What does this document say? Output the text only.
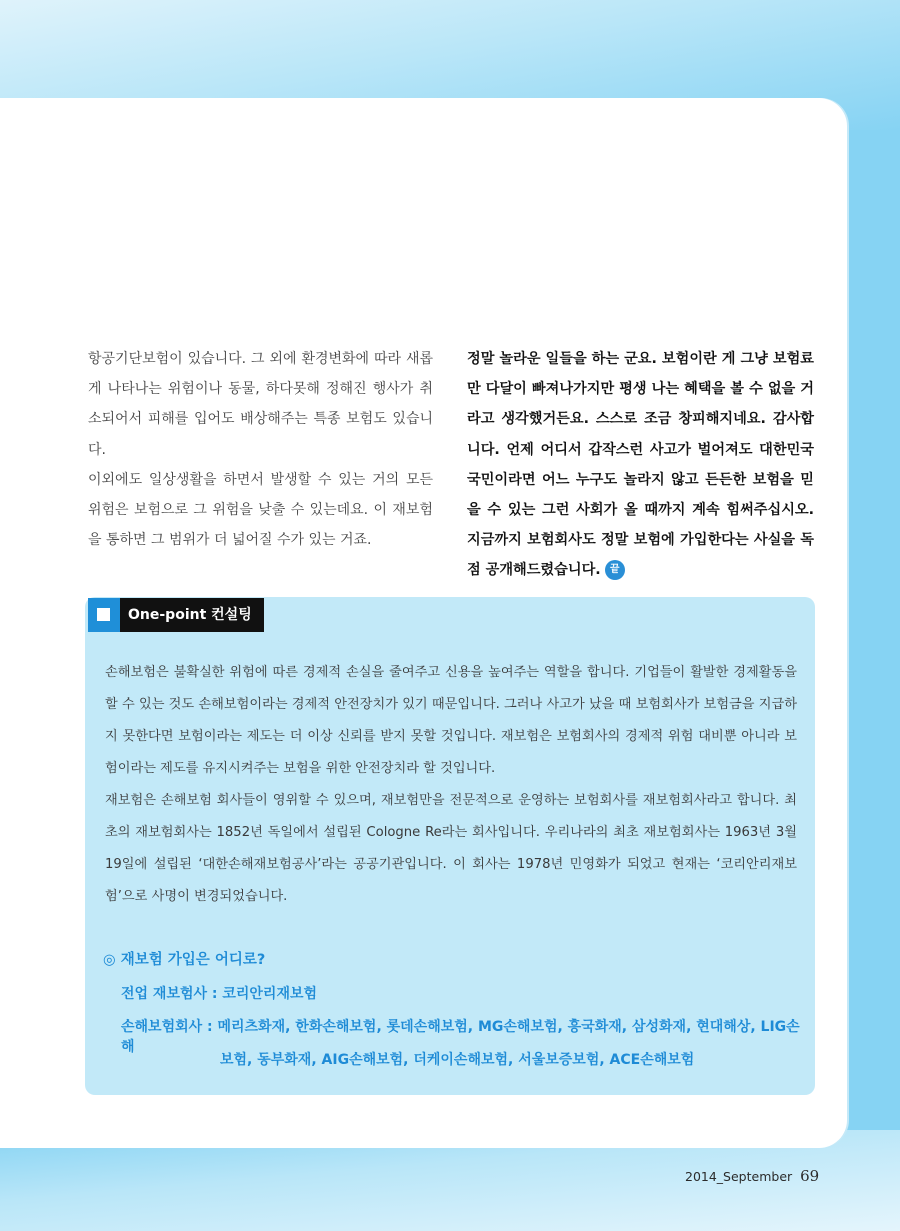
항공기단보험이 있습니다. 그 외에 환경변화에 따라 새롭게 나타나는 위험이나 동물, 하다못해 정해진 행사가 취소되어서 피해를 입어도 배상해주는 특종 보험도 있습니다.

이외에도 일상생활을 하면서 발생할 수 있는 거의 모든 위험은 보험으로 그 위험을 낮출 수 있는데요. 이 재보험을 통하면 그 범위가 더 넓어질 수가 있는 거죠.

정말 놀라운 일들을 하는 군요. 보험이란 게 그냥 보험료만 다달이 빠져나가지만 평생 나는 혜택을 볼 수 없을 거라고 생각했거든요. 스스로 조금 창피해지네요. 감사합니다. 언제 어디서 갑작스런 사고가 벌어져도 대한민국 국민이라면 어느 누구도 놀라지 않고 든든한 보험을 믿을 수 있는 그런 사회가 올 때까지 계속 힘써주십시오. 지금까지 보험회사도 정말 보험에 가입한다는 사실을 독점 공개해드렸습니다. 끝

One-point 컨설팅

손해보험은 불확실한 위험에 따른 경제적 손실을 줄여주고 신용을 높여주는 역할을 합니다. 기업들이 활발한 경제활동을 할 수 있는 것도 손해보험이라는 경제적 안전장치가 있기 때문입니다. 그러나 사고가 났을 때 보험회사가 보험금을 지급하지 못한다면 보험이라는 제도는 더 이상 신뢰를 받지 못할 것입니다. 재보험은 보험회사의 경제적 위험 대비뿐 아니라 보험이라는 제도를 유지시켜주는 보험을 위한 안전장치라 할 것입니다.

재보험은 손해보험 회사들이 영위할 수 있으며, 재보험만을 전문적으로 운영하는 보험회사를 재보험회사라고 합니다. 최초의 재보험회사는 1852년 독일에서 설립된 Cologne Re라는 회사입니다. 우리나라의 최초 재보험회사는 1963년 3월 19일에 설립된 ‘대한손해재보험공사’라는 공공기관입니다. 이 회사는 1978년 민영화가 되었고 현재는 ‘코리안리재보험’으로 사명이 변경되었습니다.

◎ 재보험 가입은 어디로?
전업 재보험사 : 코리안리재보험
손해보험회사 : 메리츠화재, 한화손해보험, 롯데손해보험, MG손해보험, 흥국화재, 삼성화재, 현대해상, LIG손해
보험, 동부화재, AIG손해보험, 더케이손해보험, 서울보증보험, ACE손해보험
2014_September 69
